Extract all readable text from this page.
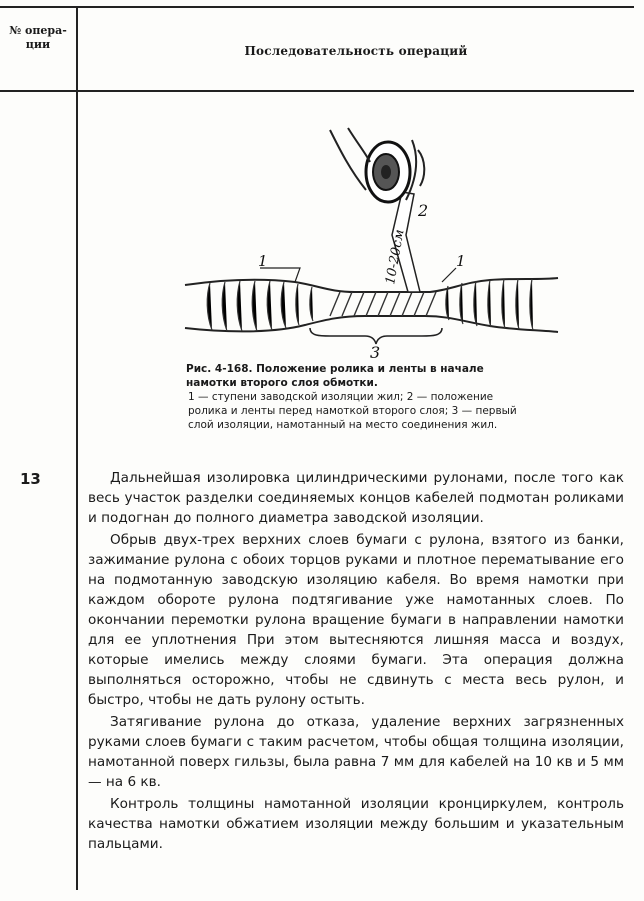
№ опера-ции	Последовательность операций
1	1
2
3
10-20см

Рис. 4-168. Положение ролика и ленты в начале намотки второго слоя обмотки.

1 — ступени заводской изоляции жил; 2 — положение ролика и ленты перед намоткой второго слоя; 3 — первый слой изоляции, намотанный на место соединения жил.

13	Дальнейшая изолировка цилиндрическими рулонами, после того как весь участок разделки соединяемых концов кабелей подмотан роликами и подогнан до полного диаметра заводской изоляции.

Обрыв двух-трех верхних слоев бумаги с рулона, взятого из банки, зажимание рулона с обоих торцов руками и плотное перематывание его на подмотанную заводскую изоляцию кабеля. Во время намотки при каждом обороте рулона подтягивание уже намотанных слоев. По окончании перемотки рулона вращение бумаги в направлении намотки для ее уплотнения При этом вытесняются лишняя масса и воздух, которые имелись между слоями бумаги. Эта операция должна выполняться осторожно, чтобы не сдвинуть с места весь рулон, и быстро, чтобы не дать рулону остыть.

Затягивание рулона до отказа, удаление верхних загрязненных руками слоев бумаги с таким расчетом, чтобы общая толщина изоляции, намотанной поверх гильзы, была равна 7 мм для кабелей на 10 кв и 5 мм — на 6 кв.

Контроль толщины намотанной изоляции кронциркулем, контроль качества намотки обжатием изоляции между большим и указательным пальцами.
